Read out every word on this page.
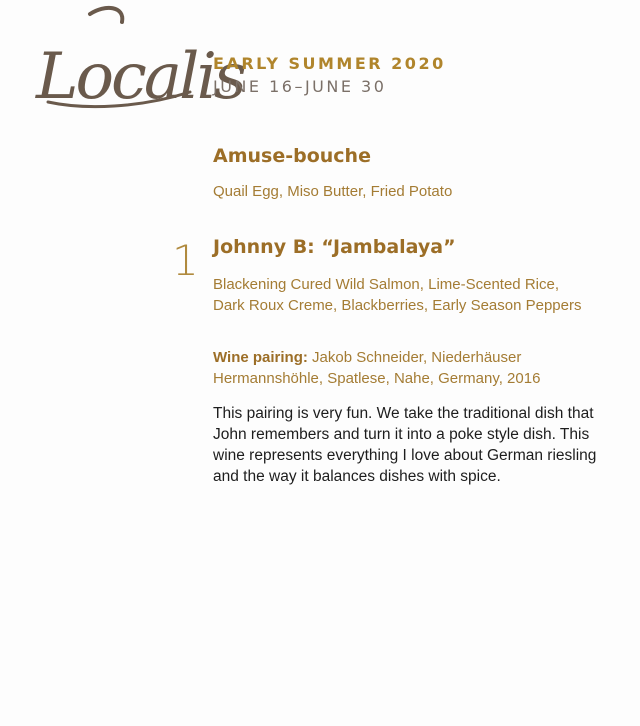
Localis
EARLY SUMMER 2020
JUNE 16–JUNE 30
Amuse-bouche
Quail Egg, Miso Butter, Fried Potato
1 Johnny B: “Jambalaya”
Blackening Cured Wild Salmon, Lime-Scented Rice, Dark Roux Creme, Blackberries, Early Season Peppers
Wine pairing: Jakob Schneider, Niederhäuser Hermannshöhle, Spatlese, Nahe, Germany, 2016
This pairing is very fun. We take the traditional dish that John remembers and turn it into a poke style dish. This wine represents everything I love about German riesling and the way it balances dishes with spice.
